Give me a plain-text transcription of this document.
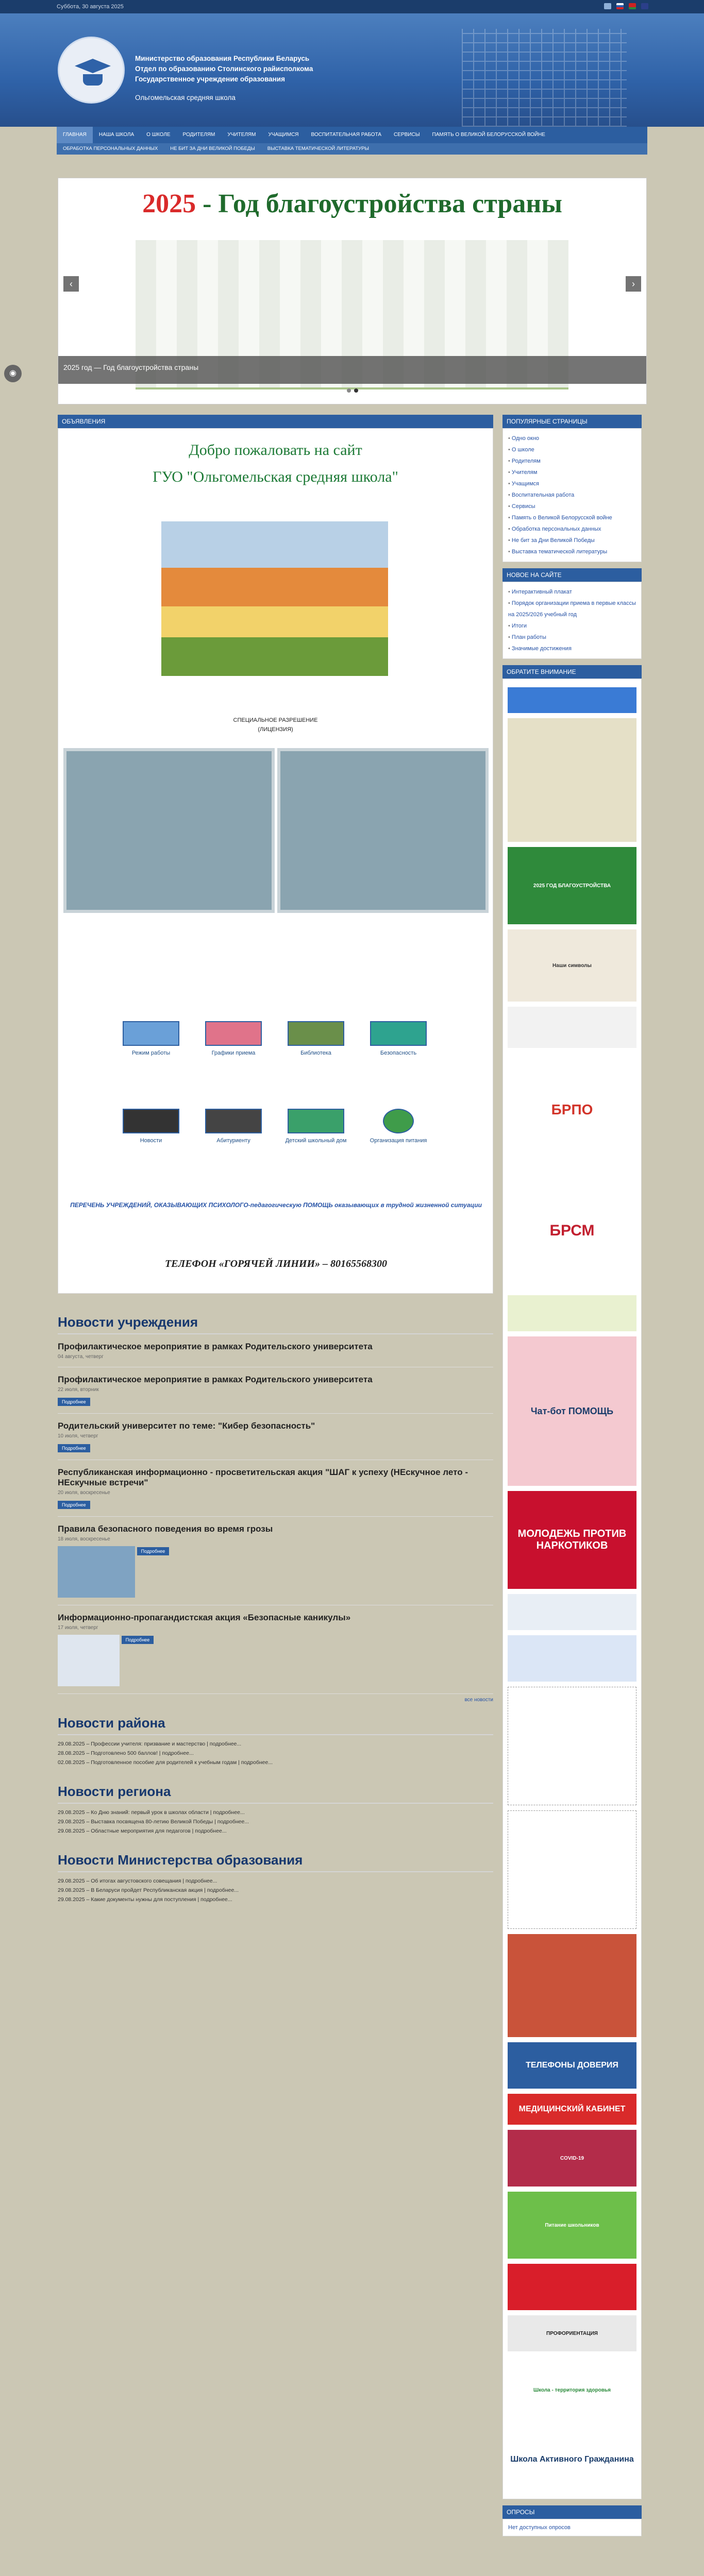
Суббота, 30 августа 2025
Министерство образования Республики Беларусь
Отдел по образованию Столинского райисполкома
Государственное учреждение образования
Ольгомельская средняя школа
ГЛАВНАЯ	НАША ШКОЛА	О ШКОЛЕ	РОДИТЕЛЯМ	УЧИТЕЛЯМ	УЧАЩИМСЯ	ВОСПИТАТЕЛЬНАЯ РАБОТА	СЕРВИСЫ	ПАМЯТЬ О ВЕЛИКОЙ БЕЛОРУССКОЙ ВОЙНЕ
ОБРАБОТКА ПЕРСОНАЛЬНЫХ ДАННЫХ	НЕ БИТ ЗА ДНИ ВЕЛИКОЙ ПОБЕДЫ	ВЫСТАВКА ТЕМАТИЧЕСКОЙ ЛИТЕРАТУРЫ
2025 - Год благоустройства страны
2025 год — Год благоустройства страны
‹	›
◉
ОБЪЯВЛЕНИЯ
Добро пожаловать на сайт
ГУО "Ольгомельская средняя школа"
СПЕЦИАЛЬНОЕ РАЗРЕШЕНИЕ
(ЛИЦЕНЗИЯ)
Режим работы	Графики приема	Библиотека	Безопасность
Новости	Абитуриенту	Детский школьный дом	Организация питания
ПЕРЕЧЕНЬ УЧРЕЖДЕНИЙ, ОКАЗЫВАЮЩИХ ПСИХОЛОГО-педагогическую ПОМОЩЬ оказывающих в трудной жизненной ситуации
ТЕЛЕФОН «ГОРЯЧЕЙ ЛИНИИ» – 80165568300
Новости учреждения
Профилактическое мероприятие в рамках Родительского университета
04 августа, четверг
Профилактическое мероприятие в рамках Родительского университета
22 июля, вторник
Подробнее
Родительский университет по теме: "Кибер безопасность"
10 июля, четверг
Подробнее
Республиканская информационно - просветительская акция "ШАГ к успеху (НЕскучное лето - НЕскучные встречи"
20 июля, воскресенье
Подробнее
Правила безопасного поведения во время грозы
18 июля, воскресенье
Подробнее
Информационно-пропагандистская акция «Безопасные каникулы»
17 июля, четверг
Подробнее
все новости
Новости района
29.08.2025 – Профессии учителя: призвание и мастерство | подробнее...
28.08.2025 – Подготовлено 500 баллов! | подробнее...
02.08.2025 – Подготовленное пособие для родителей к учебным годам | подробнее...
Новости региона
29.08.2025 – Ко Дню знаний: первый урок в школах области | подробнее...
29.08.2025 – Выставка посвящена 80-летию Великой Победы | подробнее...
29.08.2025 – Областные мероприятия для педагогов | подробнее...
Новости Министерства образования
29.08.2025 – Об итогах августовского совещания | подробнее...
29.08.2025 – В Беларуси пройдет Республиканская акция | подробнее...
29.08.2025 – Какие документы нужны для поступления | подробнее...
ПОПУЛЯРНЫЕ СТРАНИЦЫ
• Одно окно
• О школе
• Родителям
• Учителям
• Учащимся
• Воспитательная работа
• Сервисы
• Память о Великой Белорусской войне
• Обработка персональных данных
• Не бит за Дни Великой Победы
• Выставка тематической литературы
НОВОЕ НА САЙТЕ
• Интерактивный плакат
• Порядок организации приема в первые классы на 2025/2026 учебный год
• Итоги
• План работы
• Значимые достижения
ОБРАТИТЕ ВНИМАНИЕ
2025 ГОД БЛАГОУСТРОЙСТВА
Наши символы
БРПО
БРСМ
Чат-бот ПОМОЩЬ
МОЛОДЕЖЬ ПРОТИВ НАРКОТИКОВ
ТЕЛЕФОНЫ ДОВЕРИЯ
МЕДИЦИНСКИЙ КАБИНЕТ
COVID-19
Питание школьников
ПРОФОРИЕНТАЦИЯ
Школа - территория здоровья
Школа Активного Гражданина
ОПРОСЫ
Нет доступных опросов
